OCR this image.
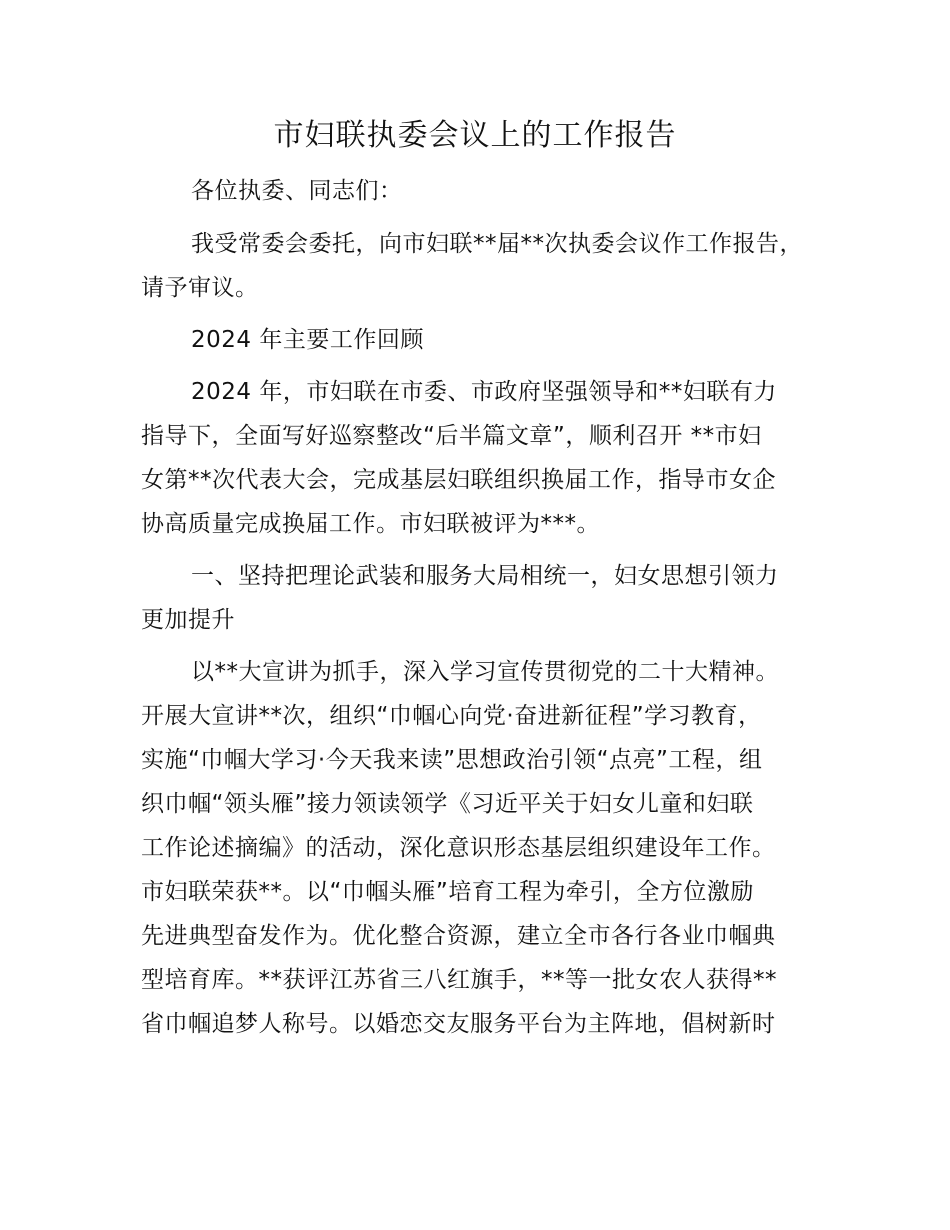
市妇联执委会议上的工作报告
各位执委、同志们：
我受常委会委托，向市妇联**届**次执委会议作工作报告，
请予审议。
2024 年主要工作回顾
2024 年，市妇联在市委、市政府坚强领导和**妇联有力
指导下，全面写好巡察整改“后半篇文章”，顺利召开 **市妇
女第**次代表大会，完成基层妇联组织换届工作，指导市女企
协高质量完成换届工作。市妇联被评为***。
一、坚持把理论武装和服务大局相统一，妇女思想引领力
更加提升
以**大宣讲为抓手，深入学习宣传贯彻党的二十大精神。
开展大宣讲**次，组织“巾帼心向党·奋进新征程”学习教育，
实施“巾帼大学习·今天我来读”思想政治引领“点亮”工程，组
织巾帼“领头雁”接力领读领学《习近平关于妇女儿童和妇联
工作论述摘编》的活动，深化意识形态基层组织建设年工作。
市妇联荣获**。以“巾帼头雁”培育工程为牵引，全方位激励
先进典型奋发作为。优化整合资源，建立全市各行各业巾帼典
型培育库。**获评江苏省三八红旗手，**等一批女农人获得**
省巾帼追梦人称号。以婚恋交友服务平台为主阵地，倡树新时
